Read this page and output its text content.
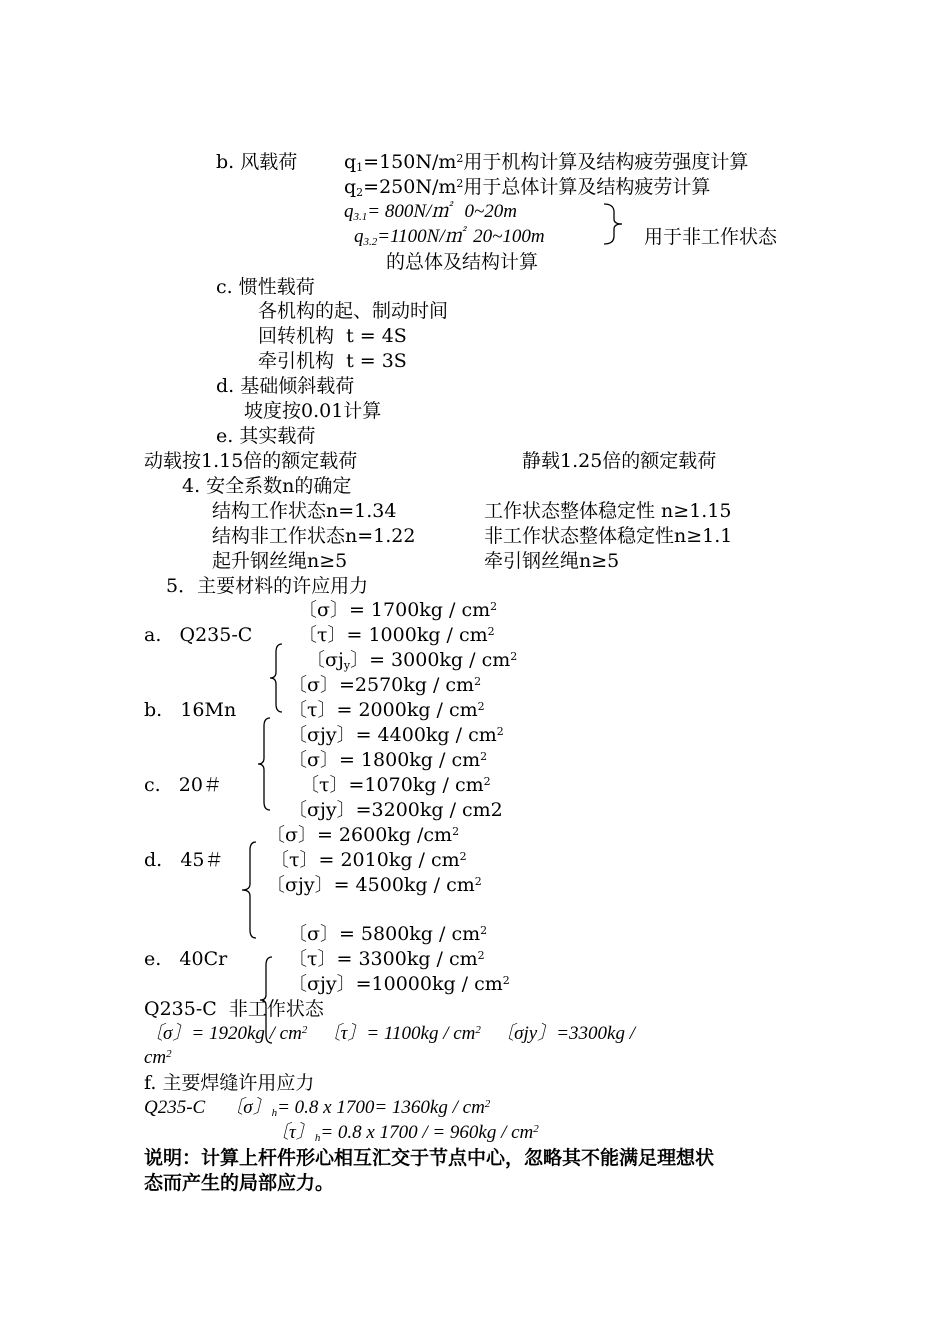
b. 风载荷 $q_1=150N/m^2$用于机构计算及结构疲劳强度计算
$q_2=250N/m^2$用于总体计算及结构疲劳计算
$q_{3.1}=$ 800N/㎡   0~20m
$q_{3.2}=1100N/㎡$  20~100m	用于非工作状态
的总体及结构计算
c. 惯性载荷
各机构的起、制动时间
回转机构  t = 4S
牵引机构  t = 3S
d. 基础倾斜载荷
坡度按0.01计算
e. 其实载荷
动载按1.15倍的额定载荷	静载1.25倍的额定载荷
4. 安全系数n的确定
结构工作状态n=1.34	工作状态整体稳定性 n≥1.15
结构非工作状态n=1.22	非工作状态整体稳定性n≥1.1
起升钢丝绳n≥5	牵引钢丝绳n≥5
5．主要材料的许应用力
〔σ〕= $1700kg / cm^2$
a.   Q235-C 〔τ〕= $1000kg / cm^2$
〔$\sigma j_y$〕= $3000kg / cm^2$
〔σ〕$=2570kg / cm^2$
b.   16Mn	〔τ〕= $2000kg / cm^2$
〔σjy〕= $4400kg / cm^2$
〔σ〕= $1800kg / cm^2$
c.   20＃	〔τ〕$=1070kg / cm^2$
〔σjy〕=3200kg / cm2
〔σ〕= 2600kg $/cm^2$
d.   45＃ 〔τ〕= $2010kg / cm^2$
〔σjy〕= $4500kg / cm^2$
〔σ〕= $5800kg / cm^2$
e.   40Cr	〔τ〕= $3300kg / cm^2$
〔σjy〕$=10000kg / cm^2$
Q235-C  非工作状态
〔σ〕= $1920kg / cm^2$   〔τ〕= $1100kg / cm^2$   〔σjy〕=3300kg /
$cm^2$
f. 主要焊缝许用应力
Q235-C    〔σ〕$_h$= 0.8 x $1700= 1360kg / cm^2$
〔τ〕$_h$= 0.8 x 1700 / = $960kg / cm^2$
说明：计算上杆件形心相互汇交于节点中心，忽略其不能满足理想状
态而产生的局部应力。
